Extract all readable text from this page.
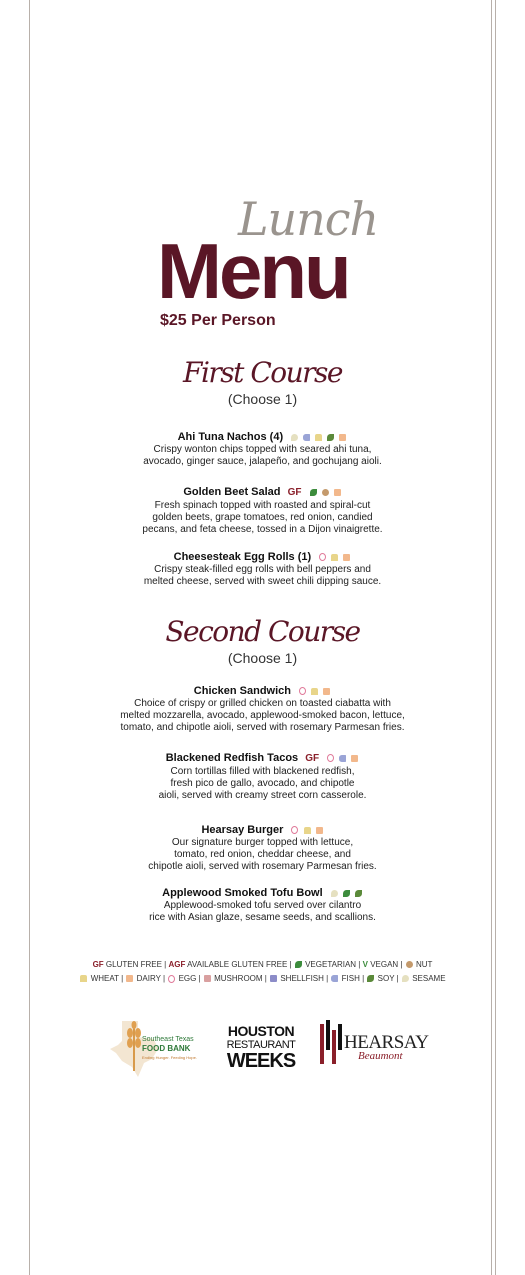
Lunch
Menu
$25 Per Person
First Course
(Choose 1)
Ahi Tuna Nachos (4)
Crispy wonton chips topped with seared ahi tuna,
avocado, ginger sauce, jalapeño, and gochujang aioli.
Golden Beet Salad GF
Fresh spinach topped with roasted and spiral-cut
golden beets, grape tomatoes, red onion, candied
pecans, and feta cheese, tossed in a Dijon vinaigrette.
Cheesesteak Egg Rolls (1)
Crispy steak-filled egg rolls with bell peppers and
melted cheese, served with sweet chili dipping sauce.
Second Course
(Choose 1)
Chicken Sandwich
Choice of crispy or grilled chicken on toasted ciabatta with
melted mozzarella, avocado, applewood-smoked bacon, lettuce,
tomato, and chipotle aioli, served with rosemary Parmesan fries.
Blackened Redfish Tacos GF
Corn tortillas filled with blackened redfish,
fresh pico de gallo, avocado, and chipotle
aioli, served with creamy street corn casserole.
Hearsay Burger
Our signature burger topped with lettuce,
tomato, red onion, cheddar cheese, and
chipotle aioli, served with rosemary Parmesan fries.
Applewood Smoked Tofu Bowl
Applewood-smoked tofu served over cilantro
rice with Asian glaze, sesame seeds, and scallions.
GF GLUTEN FREE | AGF AVAILABLE GLUTEN FREE |  VEGETARIAN | V VEGAN |  NUT
WHEAT |  DAIRY |  EGG |  MUSHROOM |  SHELLFISH |  FISH |  SOY |  SESAME
Southeast Texas
FOOD BANK
Ending Hunger. Feeding Hope.
HOUSTON
RESTAURANT
WEEKS
HEARSAY
Beaumont
